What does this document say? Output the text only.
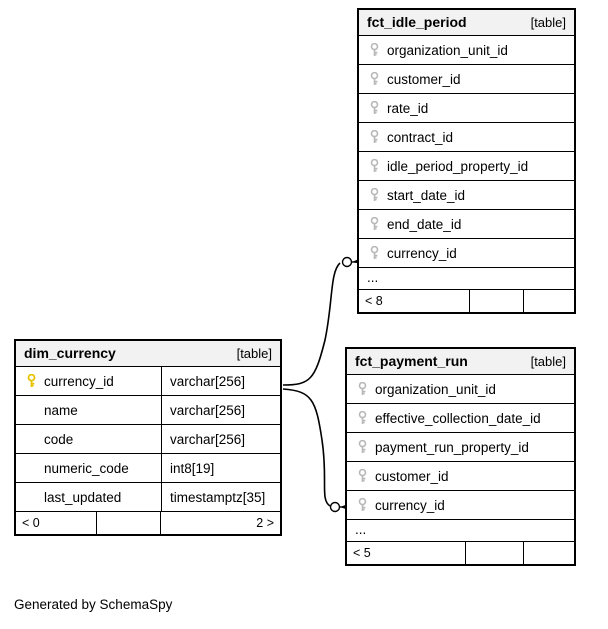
fct_idle_period	[table]
organization_unit_id
customer_id
rate_id
contract_id
idle_period_property_id
start_date_id
end_date_id
currency_id
...
< 8
dim_currency	[table]
currency_id	varchar[256]
name	varchar[256]
code	varchar[256]
numeric_code	int8[19]
last_updated	timestamptz[35]
< 0	2 >
fct_payment_run	[table]
organization_unit_id
effective_collection_date_id
payment_run_property_id
customer_id
currency_id
...
< 5
Generated by SchemaSpy
